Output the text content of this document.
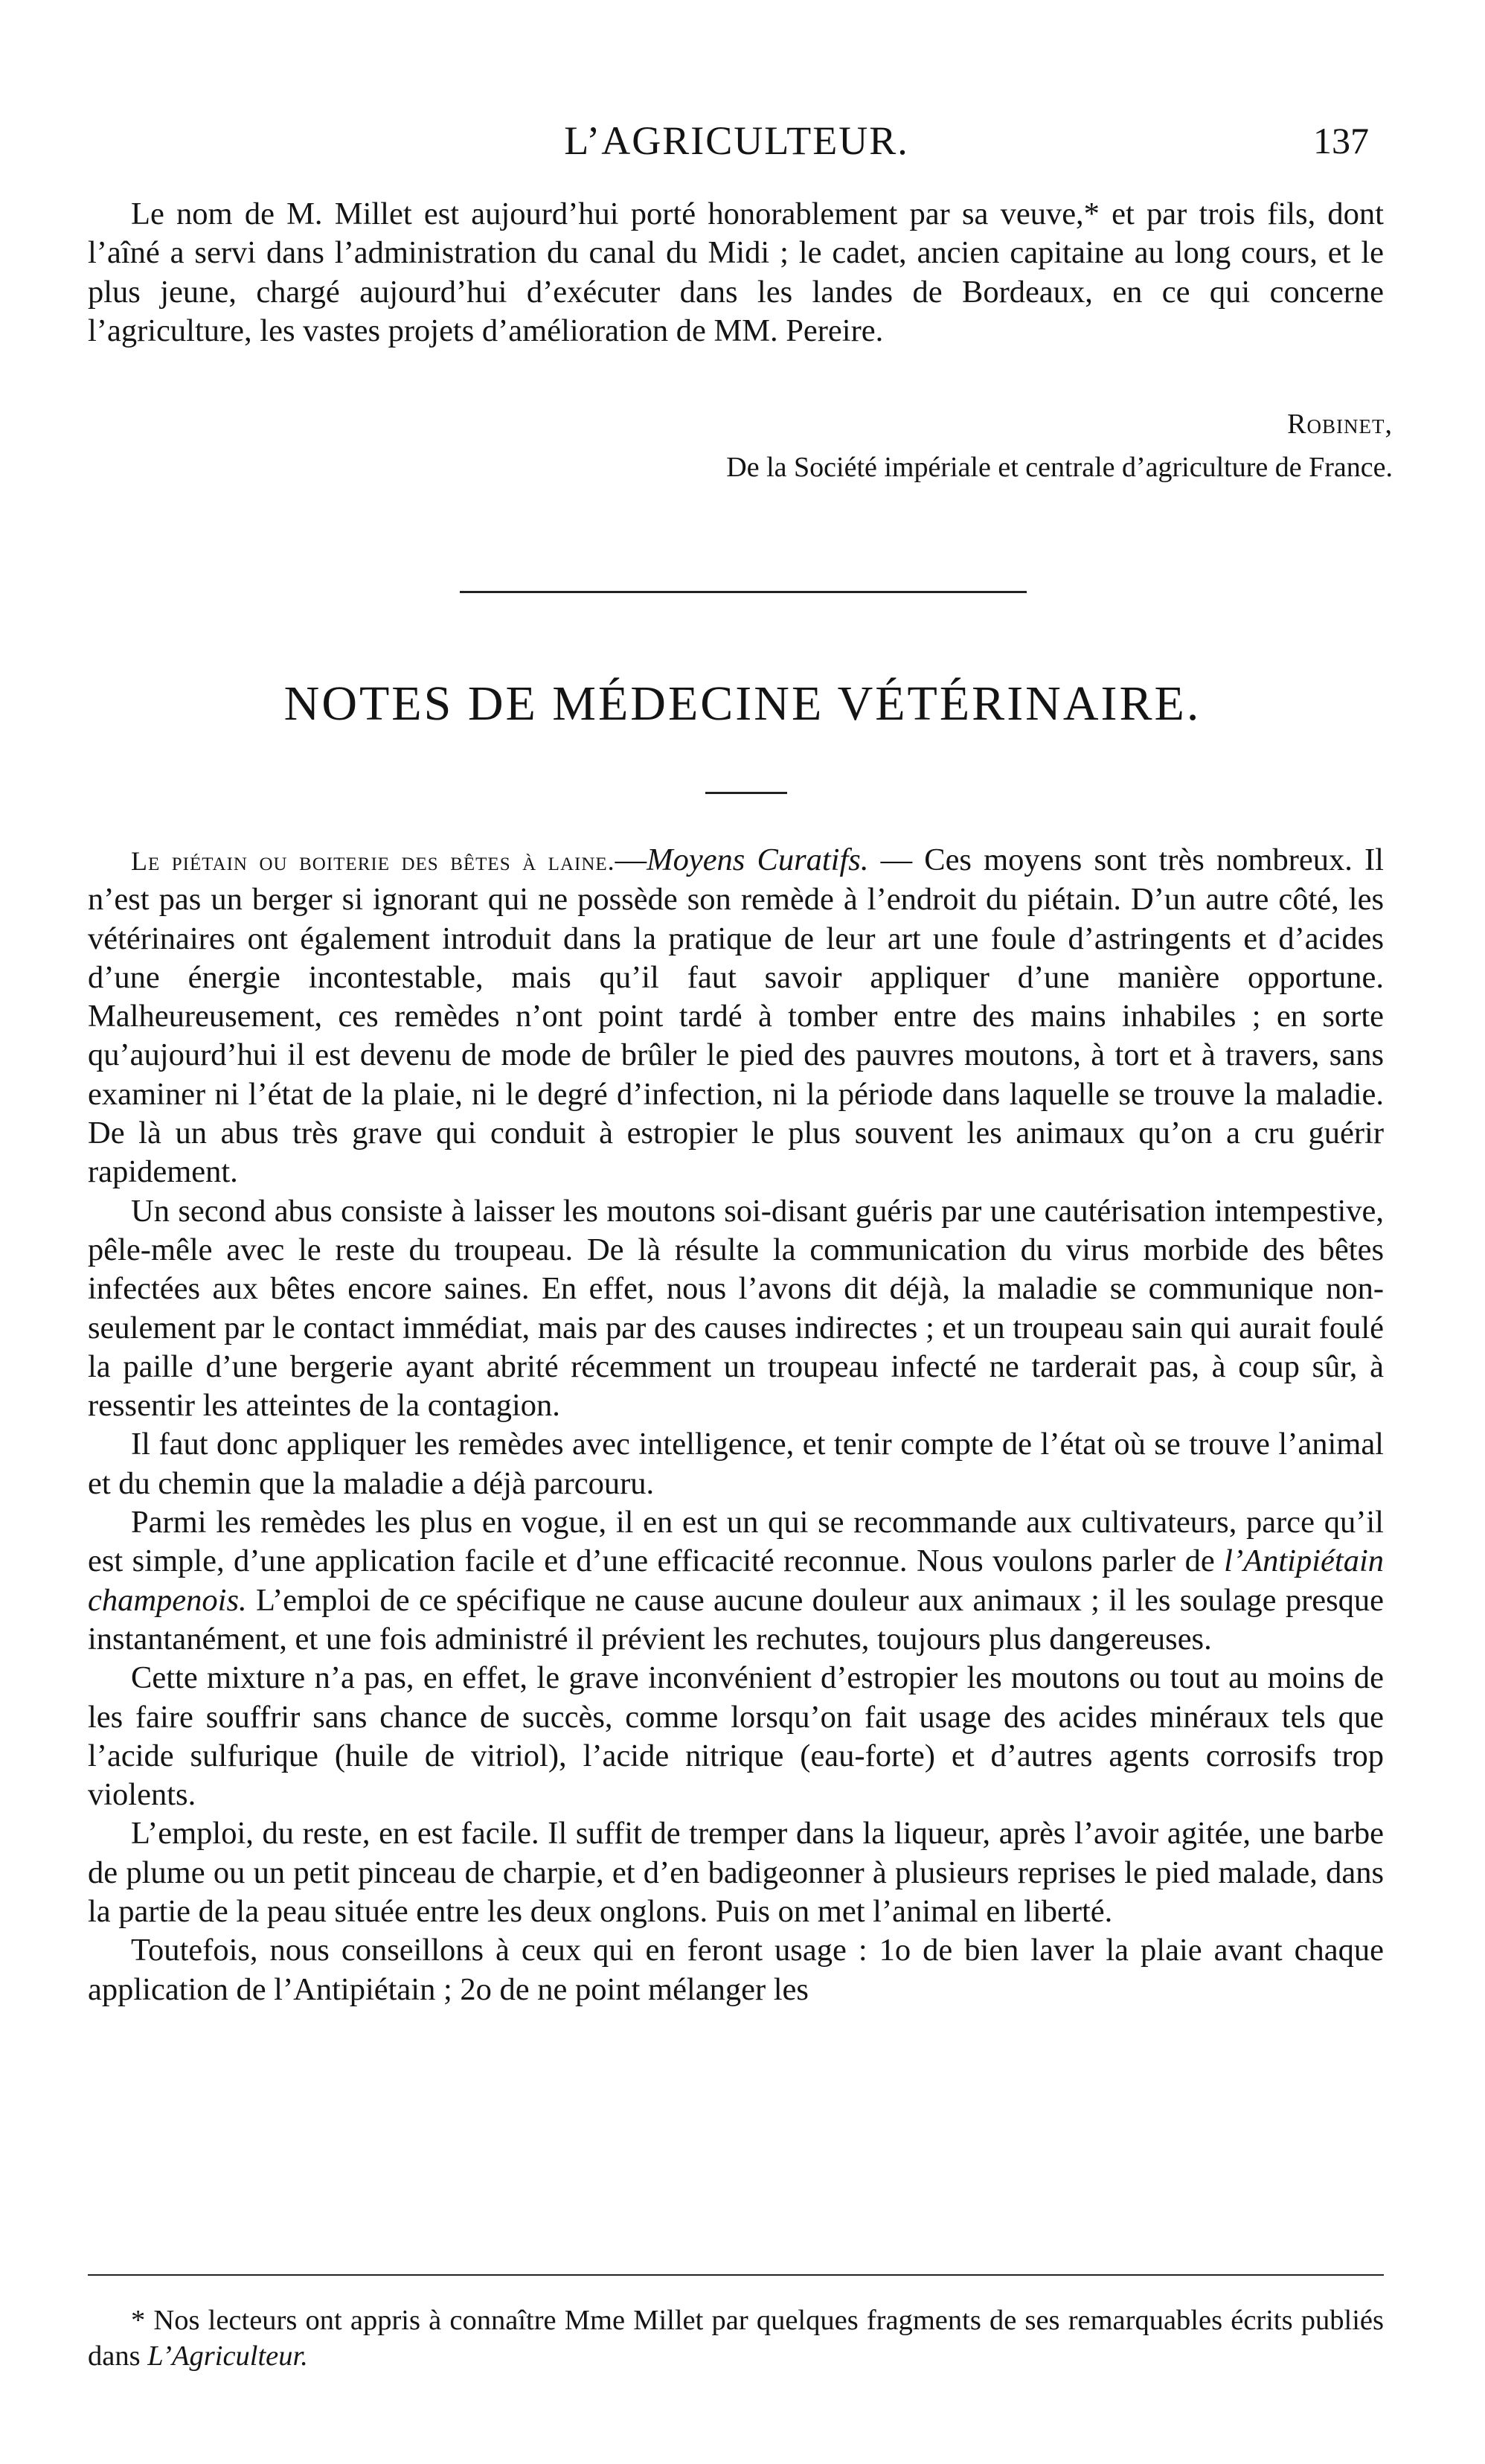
L’AGRICULTEUR.	137

Le nom de M. Millet est aujourd’hui porté honorablement par sa veuve,* et par trois fils, dont l’aîné a servi dans l’administration du canal du Midi ; le cadet, ancien capitaine au long cours, et le plus jeune, chargé aujourd’hui d’exécuter dans les landes de Bordeaux, en ce qui concerne l’agriculture, les vastes projets d’amélioration de MM. Pereire.

Robinet,
De la Société impériale et centrale d’agriculture de France.
NOTES DE MÉDECINE VÉTÉRINAIRE.

Le piétain ou boiterie des bêtes à laine.—Moyens Curatifs. — Ces moyens sont très nombreux. Il n’est pas un berger si ignorant qui ne possède son remède à l’endroit du piétain. D’un autre côté, les vétérinaires ont également introduit dans la pratique de leur art une foule d’astringents et d’acides d’une énergie incontestable, mais qu’il faut savoir appliquer d’une manière opportune. Malheureusement, ces remèdes n’ont point tardé à tomber entre des mains inhabiles ; en sorte qu’aujourd’hui il est devenu de mode de brûler le pied des pauvres moutons, à tort et à travers, sans examiner ni l’état de la plaie, ni le degré d’infection, ni la période dans laquelle se trouve la maladie. De là un abus très grave qui conduit à estropier le plus souvent les animaux qu’on a cru guérir rapidement.

Un second abus consiste à laisser les moutons soi-disant guéris par une cautérisation intempestive, pêle-mêle avec le reste du troupeau. De là résulte la communication du virus morbide des bêtes infectées aux bêtes encore saines. En effet, nous l’avons dit déjà, la maladie se communique non-seulement par le contact immédiat, mais par des causes indirectes ; et un troupeau sain qui aurait foulé la paille d’une bergerie ayant abrité récemment un troupeau infecté ne tarderait pas, à coup sûr, à ressentir les atteintes de la contagion.

Il faut donc appliquer les remèdes avec intelligence, et tenir compte de l’état où se trouve l’animal et du chemin que la maladie a déjà parcouru.

Parmi les remèdes les plus en vogue, il en est un qui se recommande aux cultivateurs, parce qu’il est simple, d’une application facile et d’une efficacité reconnue. Nous voulons parler de l’Antipiétain champenois. L’emploi de ce spécifique ne cause aucune douleur aux animaux ; il les soulage presque instantanément, et une fois administré il prévient les rechutes, toujours plus dangereuses.

Cette mixture n’a pas, en effet, le grave inconvénient d’estropier les moutons ou tout au moins de les faire souffrir sans chance de succès, comme lorsqu’on fait usage des acides minéraux tels que l’acide sulfurique (huile de vitriol), l’acide nitrique (eau-forte) et d’autres agents corrosifs trop violents.

L’emploi, du reste, en est facile. Il suffit de tremper dans la liqueur, après l’avoir agitée, une barbe de plume ou un petit pinceau de charpie, et d’en badigeonner à plusieurs reprises le pied malade, dans la partie de la peau située entre les deux onglons. Puis on met l’animal en liberté.

Toutefois, nous conseillons à ceux qui en feront usage : 1o de bien laver la plaie avant chaque application de l’Antipiétain ; 2o de ne point mélanger les

* Nos lecteurs ont appris à connaître Mme Millet par quelques fragments de ses remarquables écrits publiés dans L’Agriculteur.
